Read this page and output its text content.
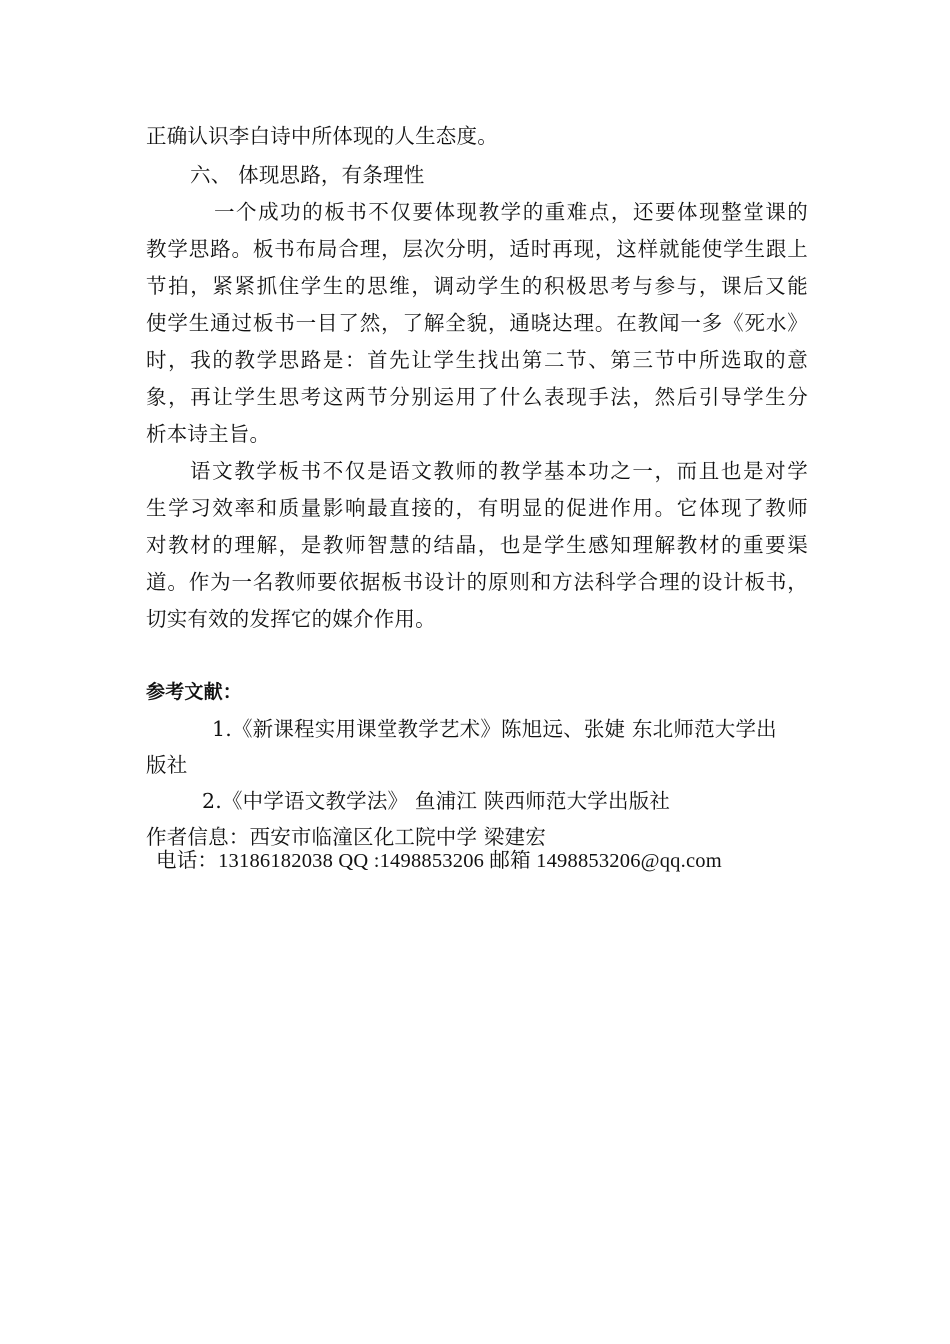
正确认识李白诗中所体现的人生态度。
六、 体现思路，有条理性
一个成功的板书不仅要体现教学的重难点，还要体现整堂课的
教学思路。板书布局合理，层次分明，适时再现，这样就能使学生跟上
节拍，紧紧抓住学生的思维，调动学生的积极思考与参与，课后又能
使学生通过板书一目了然，了解全貌，通晓达理。在教闻一多《死水》
时，我的教学思路是：首先让学生找出第二节、第三节中所选取的意
象，再让学生思考这两节分别运用了什么表现手法，然后引导学生分
析本诗主旨。
语文教学板书不仅是语文教师的教学基本功之一，而且也是对学
生学习效率和质量影响最直接的，有明显的促进作用。它体现了教师
对教材的理解，是教师智慧的结晶，也是学生感知理解教材的重要渠
道。作为一名教师要依据板书设计的原则和方法科学合理的设计板书，
切实有效的发挥它的媒介作用。
参考文献：
1.《新课程实用课堂教学艺术》陈旭远、张婕 东北师范大学出
版社
2.《中学语文教学法》 鱼浦江 陕西师范大学出版社
作者信息：西安市临潼区化工院中学 梁建宏
电话：13186182038 QQ :1498853206 邮箱 1498853206@qq.com
